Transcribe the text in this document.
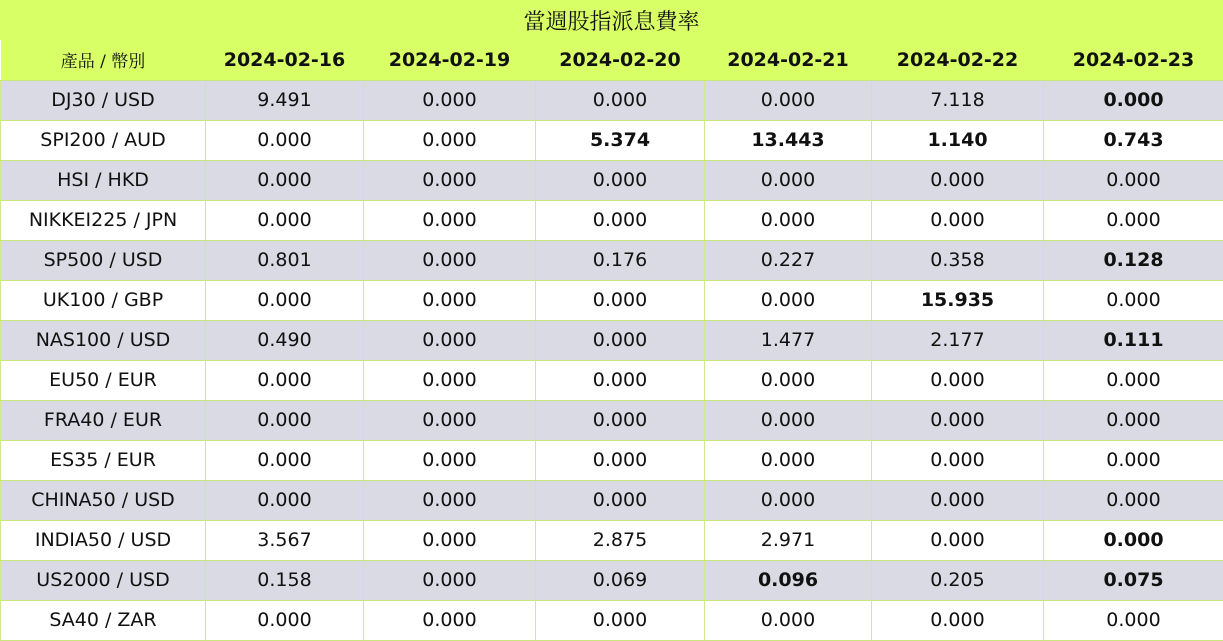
當週股指派息費率
產品 / 幣別	2024-02-16	2024-02-19	2024-02-20	2024-02-21	2024-02-22	2024-02-23
DJ30 / USD	9.491	0.000	0.000	0.000	7.118	0.000
SPI200 / AUD	0.000	0.000	5.374	13.443	1.140	0.743
HSI / HKD	0.000	0.000	0.000	0.000	0.000	0.000
NIKKEI225 / JPN	0.000	0.000	0.000	0.000	0.000	0.000
SP500 / USD	0.801	0.000	0.176	0.227	0.358	0.128
UK100 / GBP	0.000	0.000	0.000	0.000	15.935	0.000
NAS100 / USD	0.490	0.000	0.000	1.477	2.177	0.111
EU50 / EUR	0.000	0.000	0.000	0.000	0.000	0.000
FRA40 / EUR	0.000	0.000	0.000	0.000	0.000	0.000
ES35 / EUR	0.000	0.000	0.000	0.000	0.000	0.000
CHINA50 / USD	0.000	0.000	0.000	0.000	0.000	0.000
INDIA50 / USD	3.567	0.000	2.875	2.971	0.000	0.000
US2000 / USD	0.158	0.000	0.069	0.096	0.205	0.075
SA40 / ZAR	0.000	0.000	0.000	0.000	0.000	0.000
